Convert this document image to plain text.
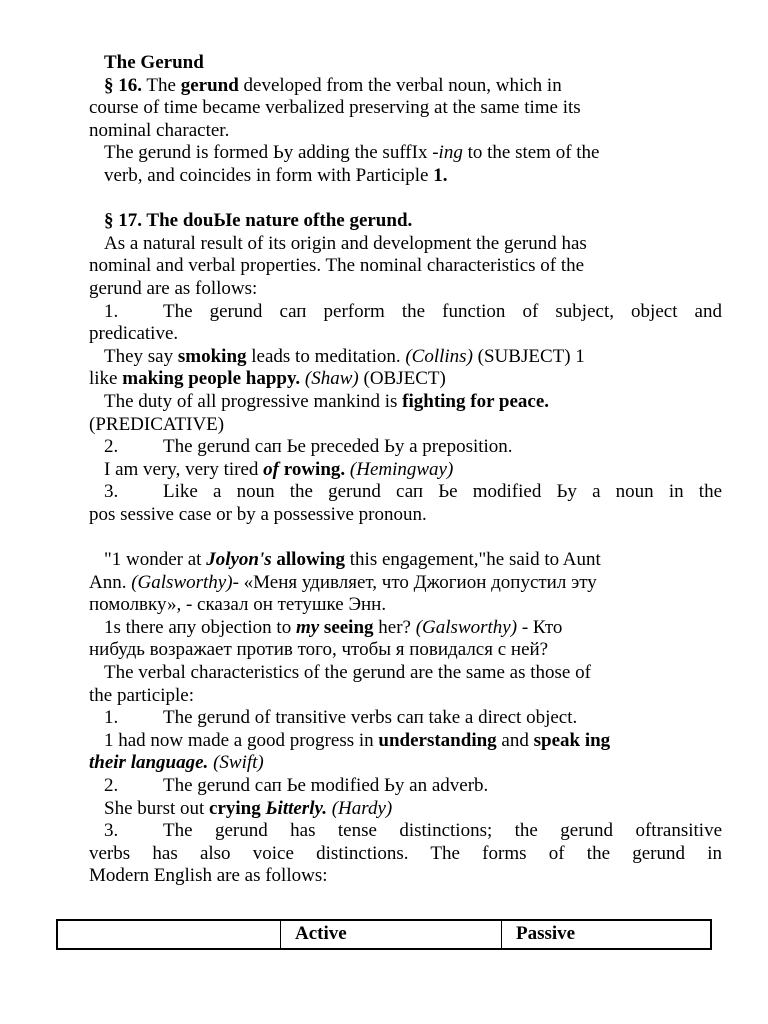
The Gerund

§ 16. The gerund developed from the verbal noun, which in

course of time became verbalized preserving at the same time its

nominal character.

The gerund is formed Ьу adding the suffIx -ing to the stem of the

verb, and coincides in form with Participle 1.

§ 17. The douЫe nature ofthe gerund.

As a natural result of its origin and development the gerund has

nominal and verbal properties. The nominal characteristics of the

gerund are as follows:

1. The gerund сап perform the function of subject, object and

predicative.

They say smoking leads to meditation. (Collins) (SUBJECT) 1

like making people happy. (Shaw) (OBJECT)

The duty of all progressive mankind is fighting for peace.

(PREDICATIVE)

2. The gerund сап Ье preceded Ьу а preposition.

I am very, very tired of rowing. (Hemingway)

3. Like а noun the gerund сап Ье modified Ьу а noun in the

pos sessive case or by а possessive pronoun.

"1 wonder at Jolyon's allowing this engagement,"he said to Aunt

Ann. (Galsworthy)- «Меня удивляет, что Джогион допустил эту

помолвку», - сказал он тетушке Энн.

1s there апу objection to my seeing her? (Galsworthy) - Кто

нибудь возражает против того, чтобы я повидался с ней?

The verbal characteristics of the gerund are the same as those of

the participle:

1. The gerund of transitive verbs сап take а direct object.

1 had now made а good progress in understanding and speak ing

their language. (Swift)

2. The gerund сап Ье modified Ьу an adverb.

She burst out crying Ьitterly. (Hardy)

3. The gerund has tense distinctions; the gerund oftransitive

verbs has also voice distinctions. The forms of the gerund in

Modern English are as follows:

Active	Passive
